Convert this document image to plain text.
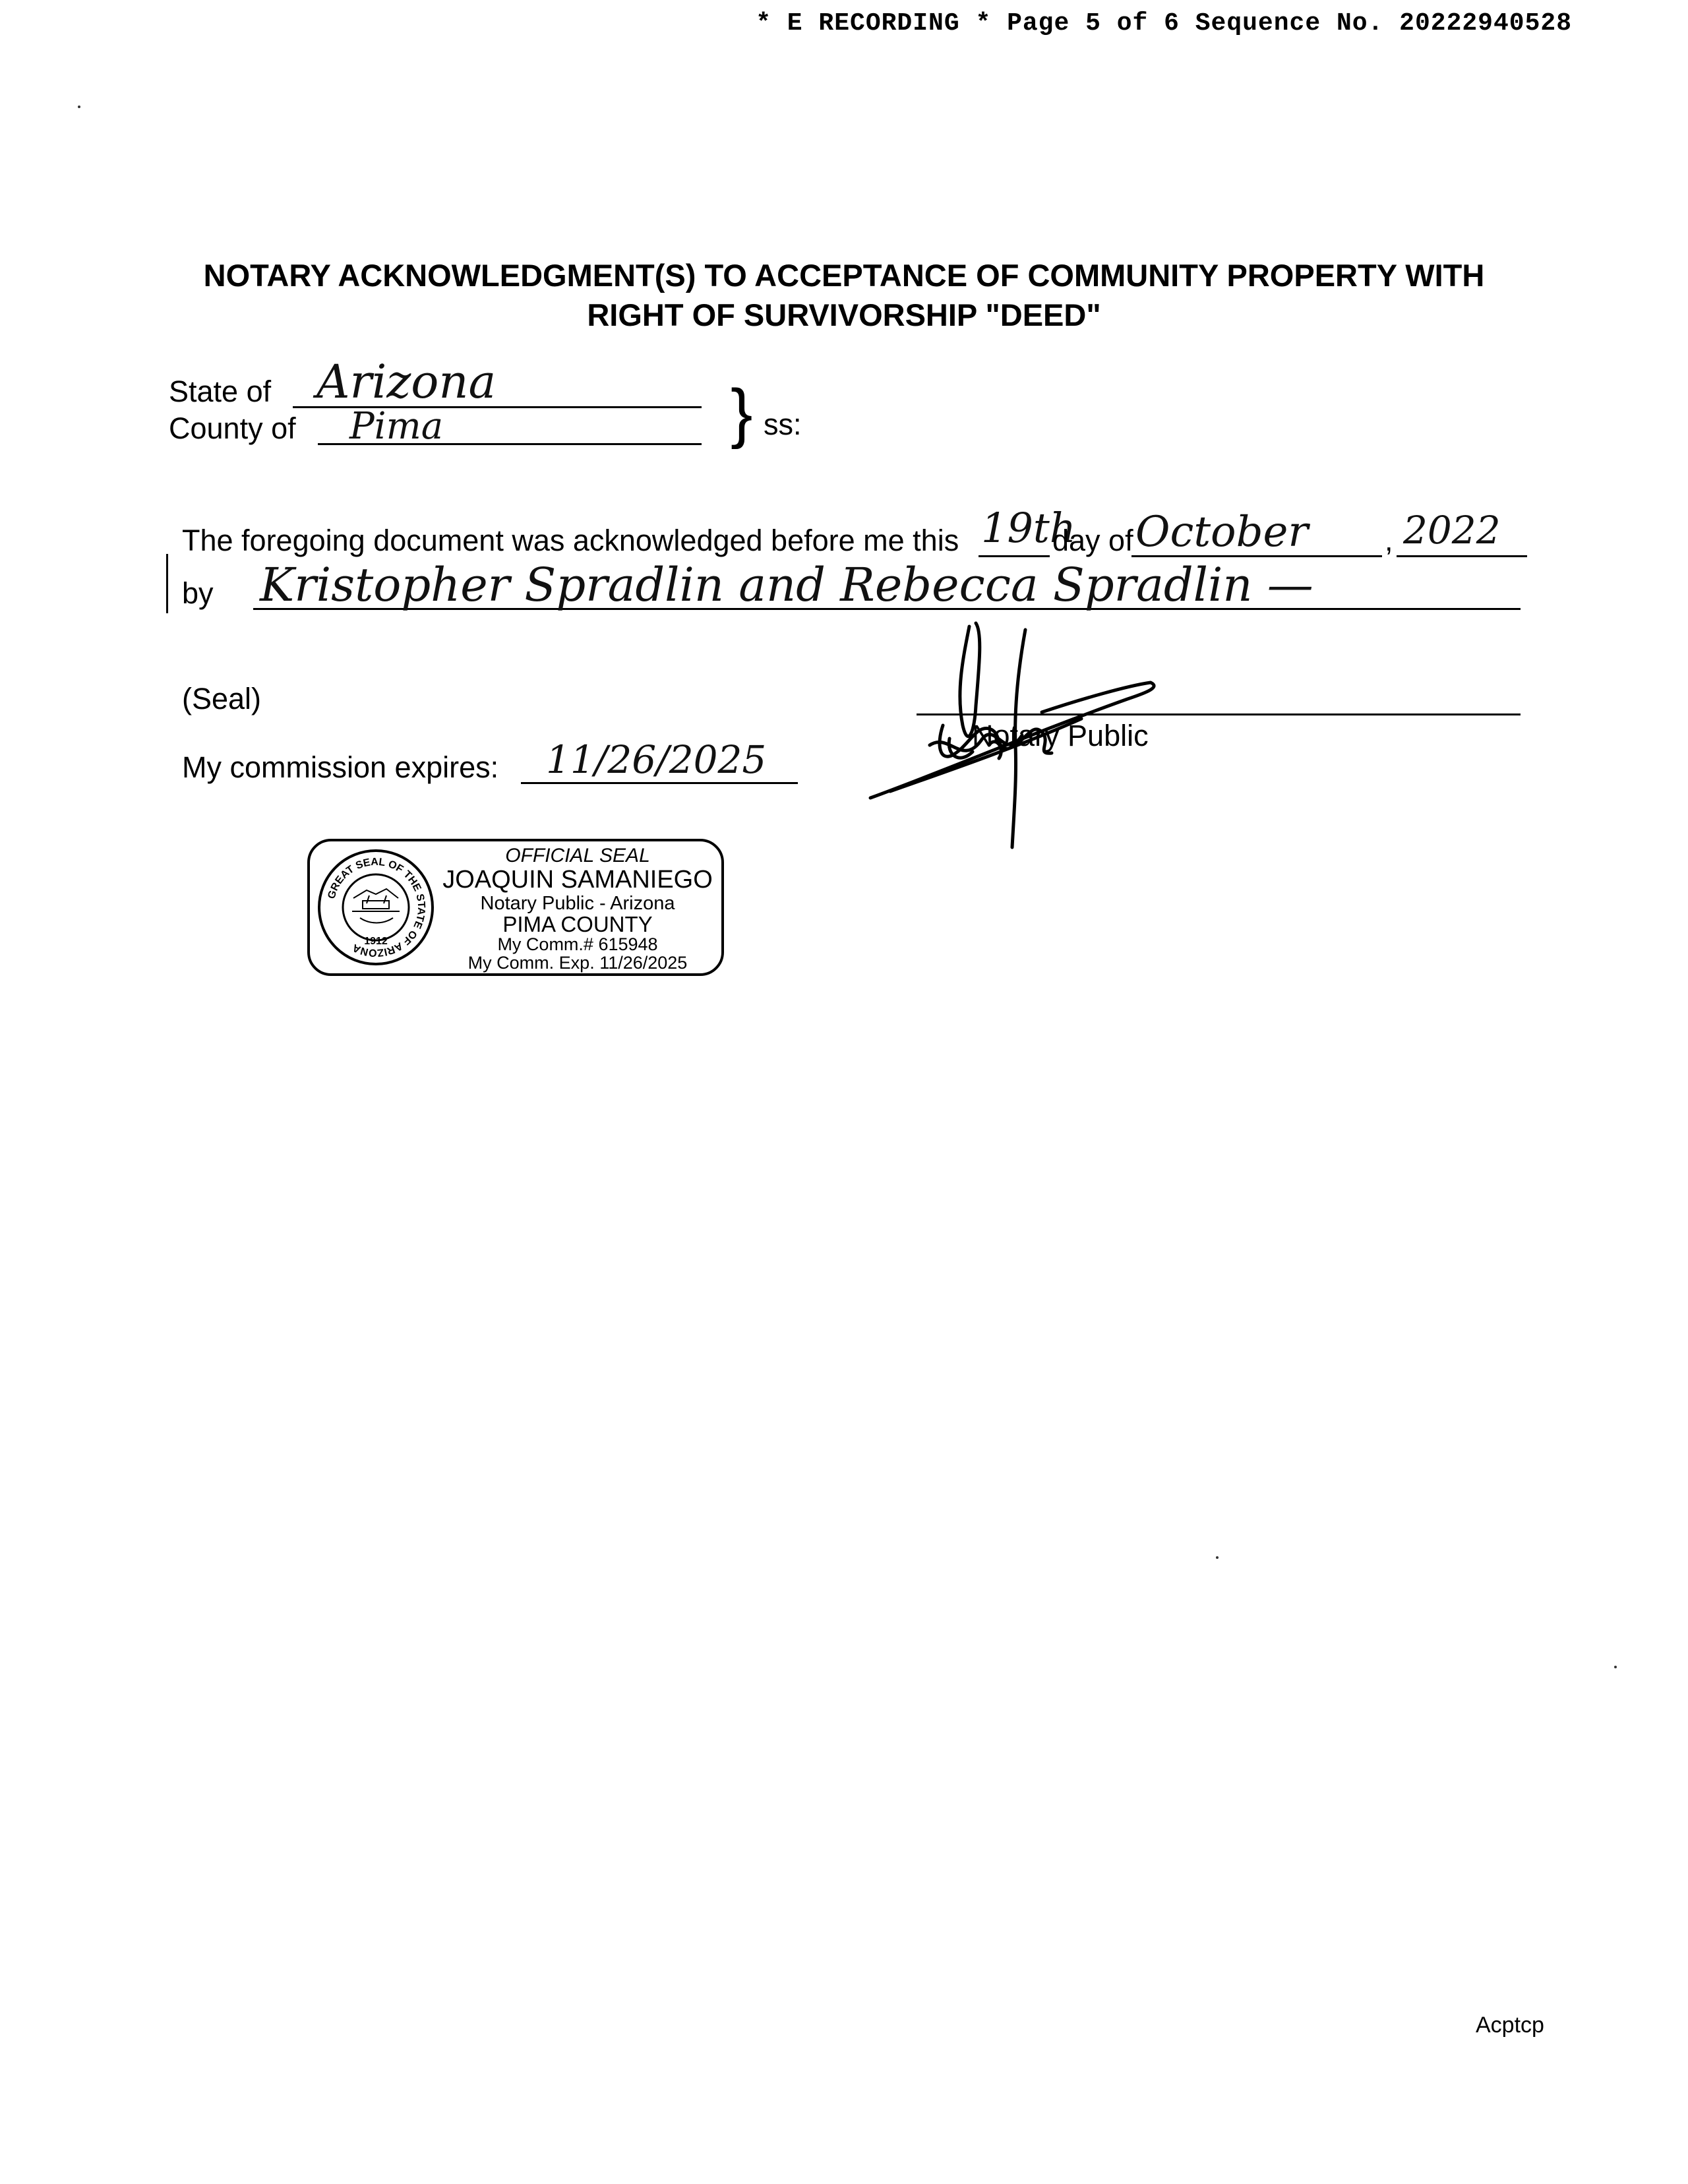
* E RECORDING * Page 5 of 6 Sequence No. 20222940528
NOTARY ACKNOWLEDGMENT(S) TO ACCEPTANCE OF COMMUNITY PROPERTY WITH
RIGHT OF SURVIVORSHIP "DEED"
State of Arizona
County of Pima	} ss:
The foregoing document was acknowledged before me this 19th
day of October	, 2022
by Kristopher Spradlin and Rebecca Spradlin —
(Seal)
Notary Public
My commission expires: 11/26/2025
GREAT SEAL OF THE STATE OF ARIZONA
1912
OFFICIAL SEAL
JOAQUIN SAMANIEGO
Notary Public - Arizona
PIMA COUNTY
My Comm.# 615948
My Comm. Exp. 11/26/2025
Acptcp
